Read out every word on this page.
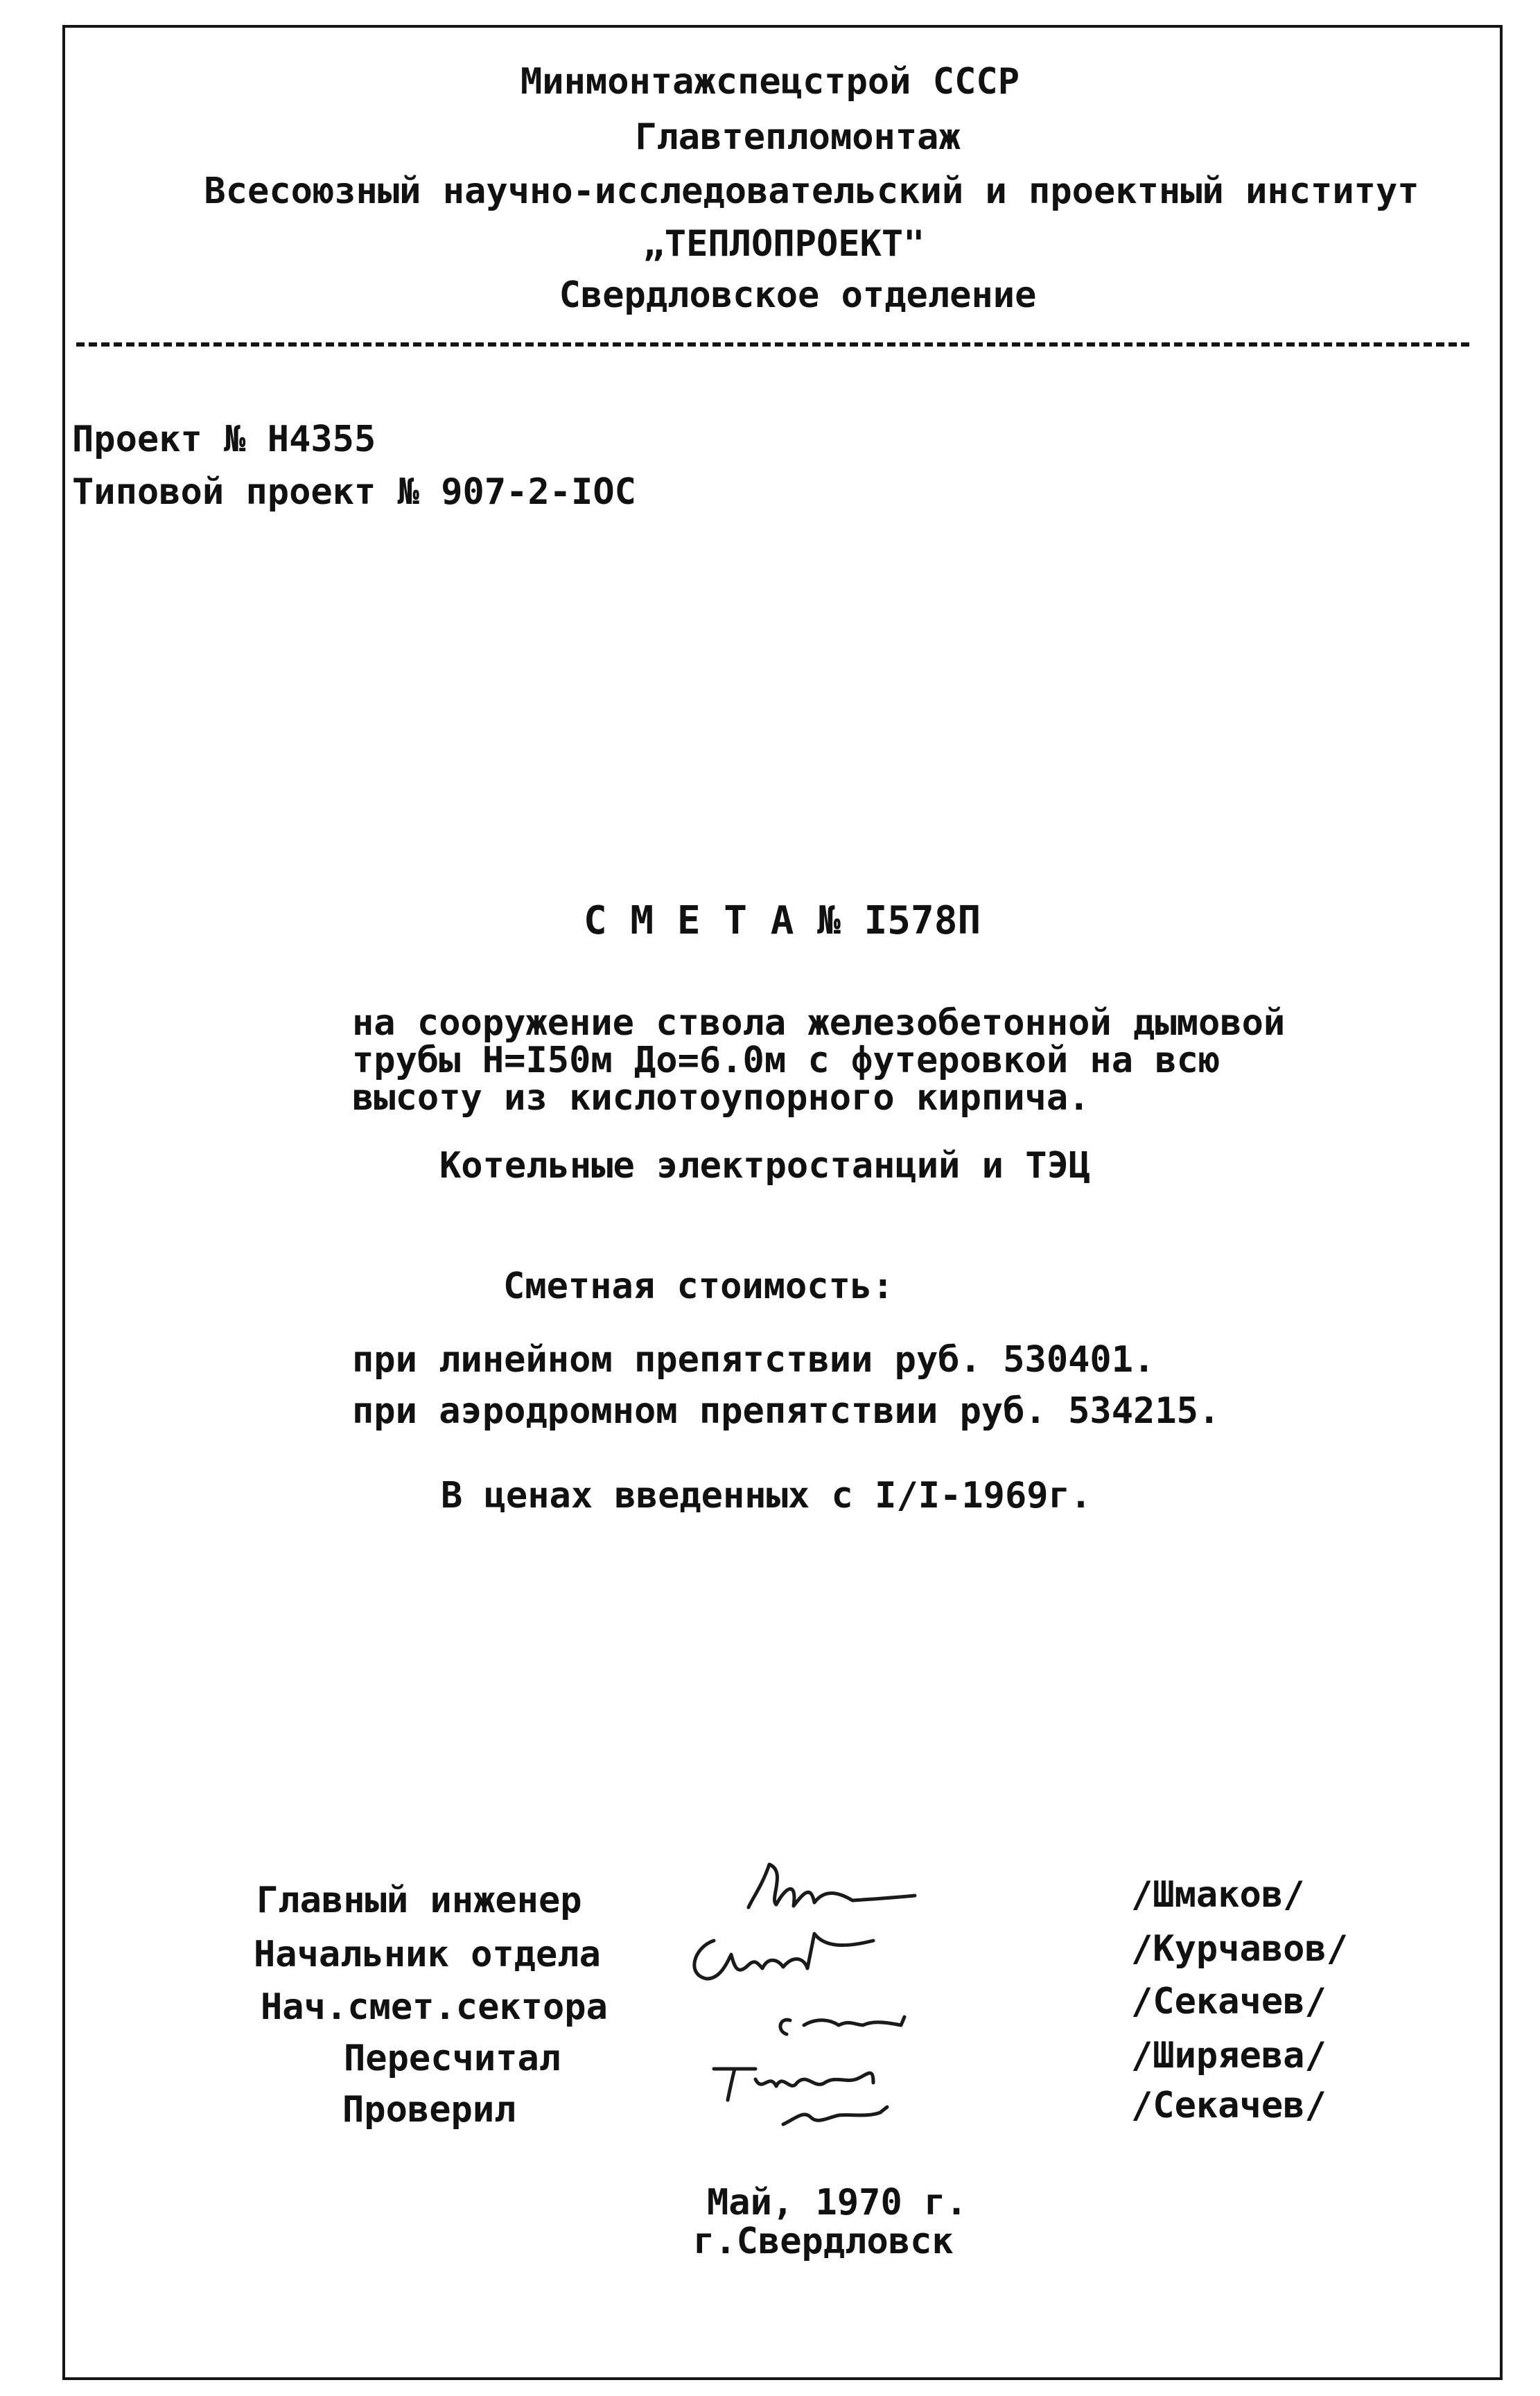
Минмонтажспецстрой СССР
Главтепломонтаж
Всесоюзный научно-исследовательский и проектный институт
„ТЕПЛОПРОЕКТ"
Свердловское отделение
Проект № Н4355
Типовой проект № 907-2-IOC
С М Е Т А № I578П
на сооружение ствола железобетонной дымовой
трубы Н=I50м До=6.0м с футеровкой на всю
высоту из кислотоупорного кирпича.
Котельные электростанций и ТЭЦ
Сметная стоимость:
при линейном препятствии руб. 530401.
при аэродромном препятствии руб. 534215.
В ценах введенных с I/I-1969г.
Главный инженер
Начальник отдела
Нач.смет.сектора
Пересчитал
Проверил
/Шмаков/
/Курчавов/
/Секачев/
/Ширяева/
/Секачев/
Май, 1970 г.
г.Свердловск
